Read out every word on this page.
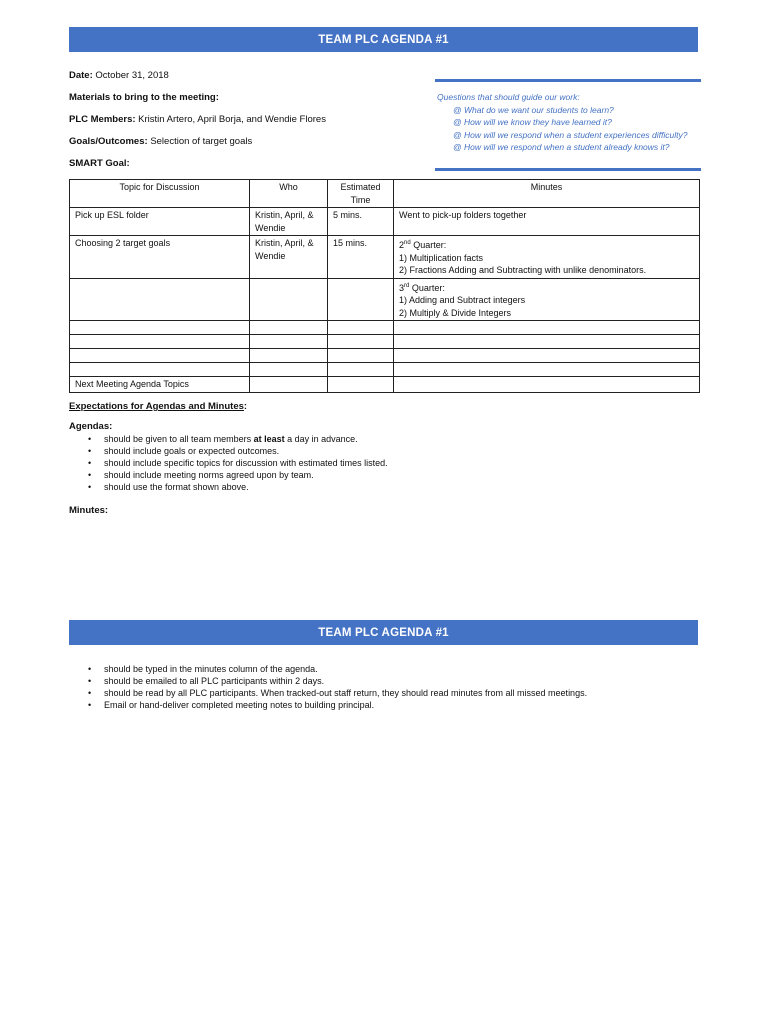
TEAM PLC AGENDA #1
Date: October 31, 2018
Materials to bring to the meeting:
PLC Members: Kristin Artero, April Borja, and Wendie Flores
Goals/Outcomes: Selection of target goals
SMART Goal:
Questions that should guide our work:
@ What do we want our students to learn?
@ How will we know they have learned it?
@ How will we respond when a student experiences difficulty?
@ How will we respond when a student already knows it?
Topic for Discussion	Who	Estimated Time	Minutes
Pick up ESL folder	Kristin, April, & Wendie	5 mins.	Went to pick-up folders together
Choosing 2 target goals	Kristin, April, & Wendie	15 mins.	2nd Quarter:
1) Multiplication facts
2) Fractions Adding and Subtracting with unlike denominators.

			3rd Quarter:
1) Adding and Subtract integers
2) Multiply & Divide Integers

Next Meeting Agenda Topics			
Expectations for Agendas and Minutes:
Agendas:
• should be given to all team members at least a day in advance.
• should include goals or expected outcomes.
• should include specific topics for discussion with estimated times listed.
• should include meeting norms agreed upon by team.
• should use the format shown above.
Minutes:
TEAM PLC AGENDA #1
• should be typed in the minutes column of the agenda.
• should be emailed to all PLC participants within 2 days.
• should be read by all PLC participants. When tracked-out staff return, they should read minutes from all missed meetings.
• Email or hand-deliver completed meeting notes to building principal.
